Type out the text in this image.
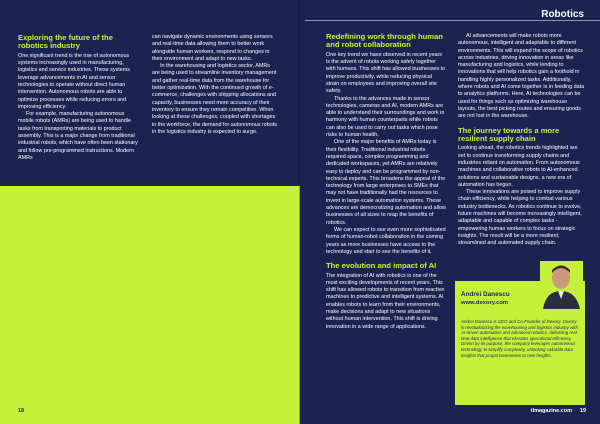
Exploring the future of the robotics industry

One significant trend is the rise of autonomous systems increasingly used in manufacturing, logistics and service industries. These systems leverage advancements in AI and sensor technologies to operate without direct human intervention. Autonomous robots are able to optimize processes while reducing errors and improving efficiency.

For example, manufacturing autonomous mobile robots (AMRs) are being used to handle tasks from transporting materials to product assembly. This is a major change from traditional industrial robots, which have often been stationary and follow pre-programmed instructions. Modern AMRs

can navigate dynamic environments using sensors and real-time data allowing them to better work alongside human workers, respond to changes in their environment and adapt to new tasks.

In the warehousing and logistics sector, AMRs are being used to streamline inventory management and gather real-time data from the warehouse for better optimization. With the continued growth of e-commerce, challenges with shipping allocations and capacity, businesses need more accuracy of their inventory to ensure they remain competitive. When looking at these challenges, coupled with shortages in the workforce, the demand for autonomous robots in the logistics industry is expected to surge.

18
Robotics
Redefining work through human and robot collaboration

One key trend we have observed in recent years is the advent of robots working safely together with humans. This shift has allowed businesses to improve productivity, while reducing physical strain on employees and improving overall site safety.

Thanks to the advances made in sensor technologies, cameras and AI, modern AMRs are able to understand their surroundings and work in harmony with human counterparts while robots can also be used to carry out tasks which pose risks to human health.

One of the major benefits of AMRs today is their flexibility. Traditional industrial robots required space, complex programming and dedicated workspaces, yet AMRs are relatively easy to deploy and can be programmed by non-technical experts. This broadens the appeal of the technology from large enterprises to SMEs that may not have traditionally had the resources to invest in large-scale automation systems. These advances are democratizing automation and allow businesses of all sizes to reap the benefits of robotics.

We can expect to see even more sophisticated forms of human-robot collaboration in the coming years as more businesses have access to the technology and start to see the benefits of it.

The evolution and impact of AI

The integration of AI with robotics is one of the most exciting developments of recent years. This shift has allowed robots to transition from reactive machines to predictive and intelligent systems. AI enables robots to learn from their environments, make decisions and adapt to new situations without human intervention. This shift is driving innovation in a wide range of applications.

AI advancements will make robots more autonomous, intelligent and adaptable to different environments. This will expand the scope of robotics across industries, driving innovation in areas like manufacturing and logistics, while lending to innovations that will help robotics gain a foothold in handling highly personalized tasks. Additionally, where robots and AI come together is in feeding data to analytics platforms. Here, AI technologies can be used for things such as optimizing warehouse layouts, the best picking routes and ensuring goods are not lost in the warehouse.

The journey towards a more resilient supply chain

Looking ahead, the robotics trends highlighted are set to continue transforming supply chains and industries reliant on automation. From autonomous machines and collaborative robots to AI-enhanced solutions and sustainable designs, a new era of automation has begun.

These innovations are poised to improve supply chain efficiency, while helping to combat various industry bottlenecks. As robotics continue to evolve, future machines will become increasingly intelligent, adaptable and capable of complex tasks - empowering human workers to focus on strategic insights. The result will be a more resilient, streamlined and automated supply chain.

Andrei Danescu
www.dexory.com
Andrei Danescu is CEO and Co-Founder of Dexory. Dexory is revolutionizing the warehousing and logistics industry with AI-driven automation and advanced robotics, delivering real-time data intelligence that elevates operational efficiency. Driven by its purpose, the company leverages autonomous technology to simplify complexity, unlocking valuable data insights that propel businesses to new heights.
tlmagazine.com 19
